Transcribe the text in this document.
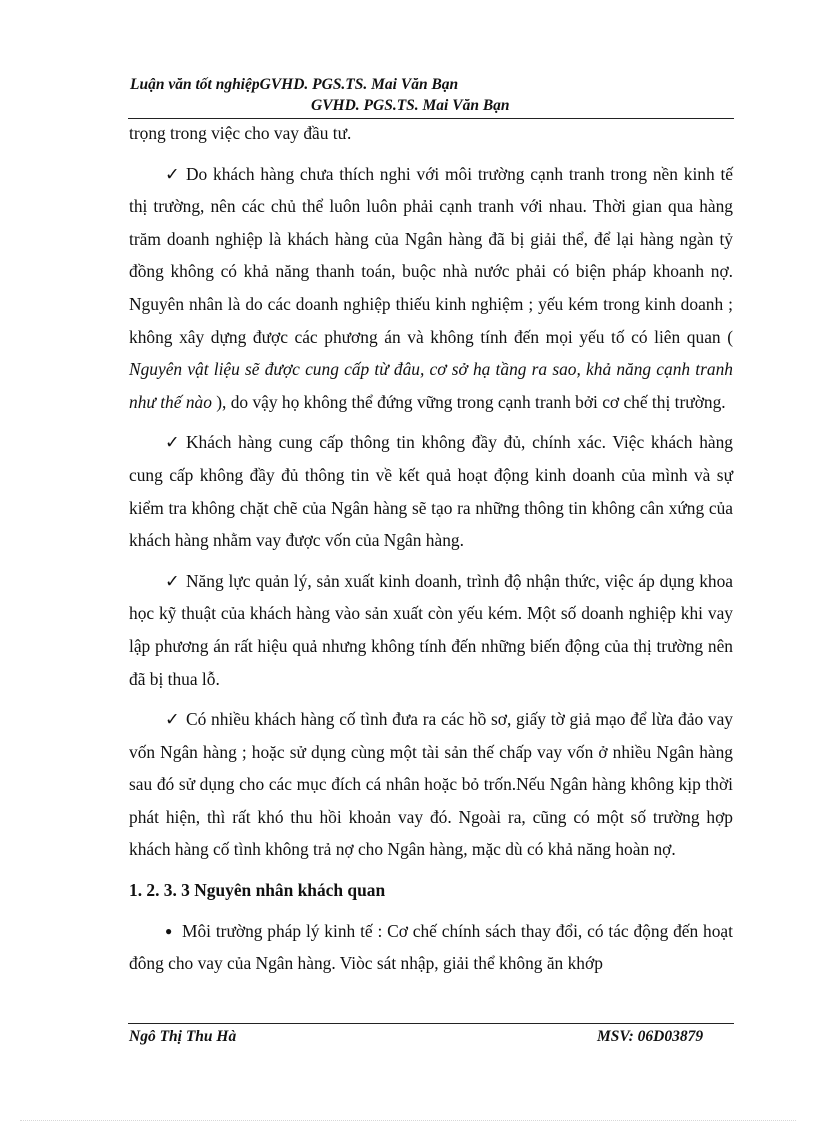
Luận văn tốt nghiệpGVHD. PGS.TS. Mai Văn Bạn
GVHD. PGS.TS. Mai Văn Bạn

trọng trong việc cho vay đầu tư.

✓ Do khách hàng chưa thích nghi với môi trường cạnh tranh trong nền kinh tế thị trường, nên các chủ thể luôn luôn phải cạnh tranh với nhau. Thời gian qua hàng trăm doanh nghiệp là khách hàng của Ngân hàng đã bị giải thể, để lại hàng ngàn tỷ đồng không có khả năng thanh toán, buộc nhà nước phải có biện pháp khoanh nợ. Nguyên nhân là do các doanh nghiệp thiếu kinh nghiệm ; yếu kém trong kinh doanh ; không xây dựng được các phương án và không tính đến mọi yếu tố có liên quan ( Nguyên vật liệu sẽ được cung cấp từ đâu, cơ sở hạ tầng ra sao, khả năng cạnh tranh như thế nào ), do vậy họ không thể đứng vững trong cạnh tranh bởi cơ chế thị trường.

✓ Khách hàng cung cấp thông tin không đầy đủ, chính xác. Việc khách hàng cung cấp không đầy đủ thông tin về kết quả hoạt động kinh doanh của mình và sự kiểm tra không chặt chẽ của Ngân hàng sẽ tạo ra những thông tin không cân xứng của khách hàng nhằm vay được vốn của Ngân hàng.

✓ Năng lực quản lý, sản xuất kinh doanh, trình độ nhận thức, việc áp dụng khoa học kỹ thuật của khách hàng vào sản xuất còn yếu kém. Một số doanh nghiệp khi vay lập phương án rất hiệu quả nhưng không tính đến những biến động của thị trường nên đã bị thua lỗ.

✓ Có nhiều khách hàng cố tình đưa ra các hồ sơ, giấy tờ giả mạo để lừa đảo vay vốn Ngân hàng ; hoặc sử dụng cùng một tài sản thế chấp vay vốn ở nhiều Ngân hàng sau đó sử dụng cho các mục đích cá nhân hoặc bỏ trốn.Nếu Ngân hàng không kịp thời phát hiện, thì rất khó thu hồi khoản vay đó. Ngoài ra, cũng có một số trường hợp khách hàng cố tình không trả nợ cho Ngân hàng, mặc dù có khả năng hoàn nợ.

1. 2. 3. 3 Nguyên nhân khách quan

● Môi trường pháp lý kinh tế : Cơ chế chính sách thay đổi, có tác động đến hoạt đông cho vay của Ngân hàng. Viòc sát nhập, giải thể không ăn khớp

Ngô Thị Thu Hà	MSV: 06D03879
